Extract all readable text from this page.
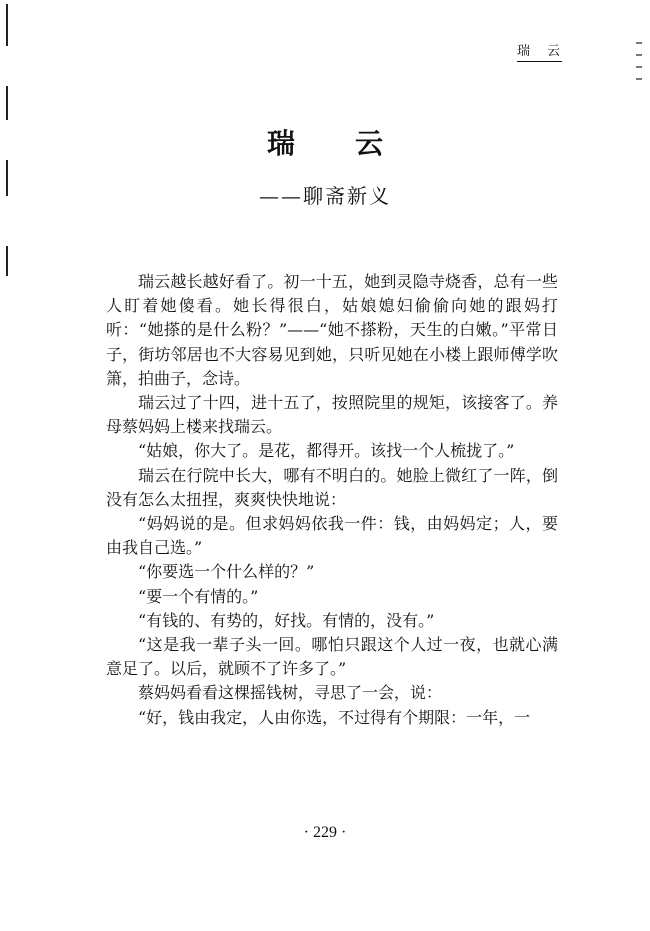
瑞　云
瑞云
——聊斋新义

瑞云越长越好看了。初一十五，她到灵隐寺烧香，总有一些人盯着她傻看。她长得很白，姑娘媳妇偷偷向她的跟妈打听：“她搽的是什么粉？”——“她不搽粉，天生的白嫩。”平常日子，街坊邻居也不大容易见到她，只听见她在小楼上跟师傅学吹箫，拍曲子，念诗。

瑞云过了十四，进十五了，按照院里的规矩，该接客了。养母蔡妈妈上楼来找瑞云。

“姑娘，你大了。是花，都得开。该找一个人梳拢了。”

瑞云在行院中长大，哪有不明白的。她脸上微红了一阵，倒没有怎么太扭捏，爽爽快快地说：

“妈妈说的是。但求妈妈依我一件：钱，由妈妈定；人，要由我自己选。”

“你要选一个什么样的？”

“要一个有情的。”

“有钱的、有势的，好找。有情的，没有。”

“这是我一辈子头一回。哪怕只跟这个人过一夜，也就心满意足了。以后，就顾不了许多了。”

蔡妈妈看看这棵摇钱树，寻思了一会，说：

“好，钱由我定，人由你选，不过得有个期限：一年，一

· 229 ·
